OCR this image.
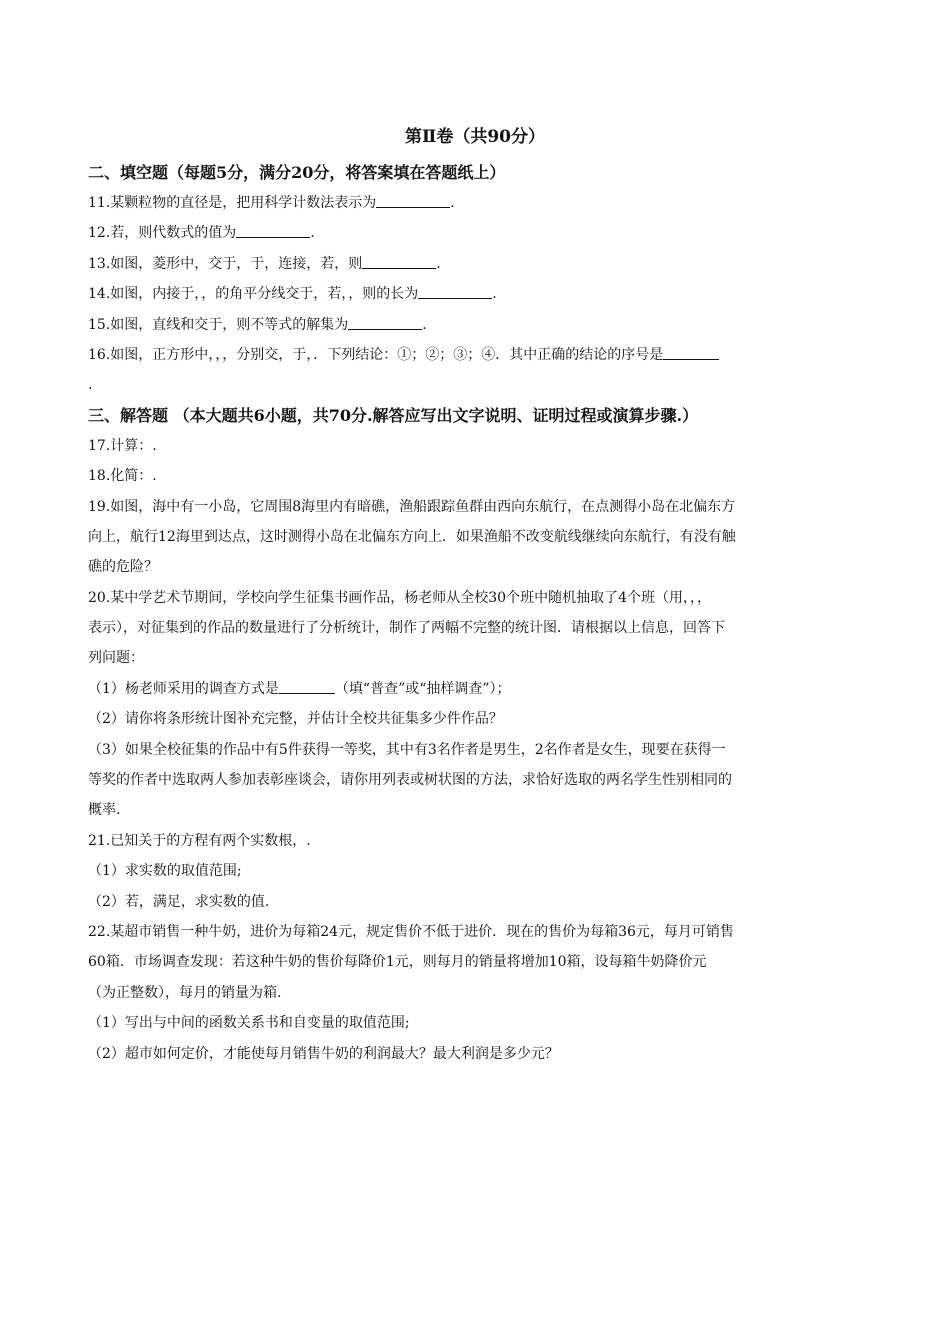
第Ⅱ卷（共90分）
二、填空题（每题5分，满分20分，将答案填在答题纸上）
11.某颗粒物的直径是，把用科学计数法表示为	.
12.若，则代数式的值为	.
13.如图，菱形中，交于，于，连接，若，则	.
14.如图，内接于，，的角平分线交于，若，，则的长为	.
15.如图，直线和交于，则不等式的解集为	.
16.如图，正方形中，，，分别交，于，．下列结论：①；②；③；④．其中正确的结论的序号是
.
三、解答题 （本大题共6小题，共70分.解答应写出文字说明、证明过程或演算步骤.）
17.计算：.
18.化简：.
19.如图，海中有一小岛，它周围8海里内有暗礁，渔船跟踪鱼群由西向东航行，在点测得小岛在北偏东方
向上，航行12海里到达点，这时测得小岛在北偏东方向上．如果渔船不改变航线继续向东航行，有没有触
礁的危险？
20.某中学艺术节期间，学校向学生征集书画作品，杨老师从全校30个班中随机抽取了4个班（用，，，
表示），对征集到的作品的数量进行了分析统计，制作了两幅不完整的统计图．请根据以上信息，回答下
列问题：
（1）杨老师采用的调查方式是	（填“普查”或“抽样调查”）；
（2）请你将条形统计图补充完整，并估计全校共征集多少件作品？
（3）如果全校征集的作品中有5件获得一等奖，其中有3名作者是男生，2名作者是女生，现要在获得一
等奖的作者中选取两人参加表彰座谈会，请你用列表或树状图的方法，求恰好选取的两名学生性别相同的
概率.
21.已知关于的方程有两个实数根，.
（1）求实数的取值范围;
（2）若，满足，求实数的值.
22.某超市销售一种牛奶，进价为每箱24元，规定售价不低于进价．现在的售价为每箱36元，每月可销售
60箱．市场调查发现：若这种牛奶的售价每降价1元，则每月的销量将增加10箱，设每箱牛奶降价元
（为正整数），每月的销量为箱.
（1）写出与中间的函数关系书和自变量的取值范围;
（2）超市如何定价，才能使每月销售牛奶的利润最大？最大利润是多少元？
